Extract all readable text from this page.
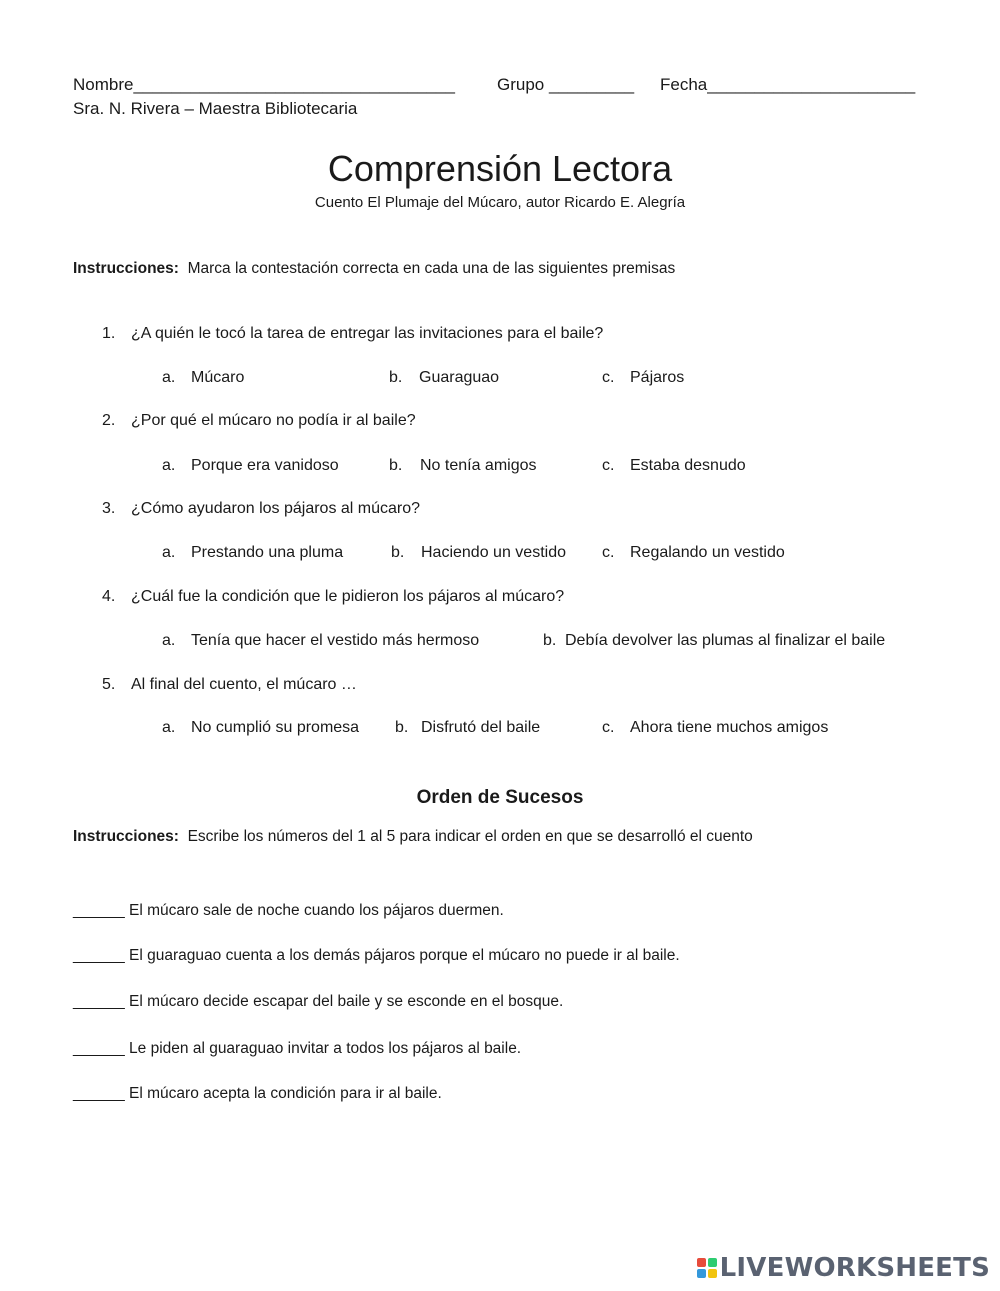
Nombre__________________________________ Grupo _________ Fecha______________________
Sra. N. Rivera – Maestra Bibliotecaria
Comprensión Lectora
Cuento El Plumaje del Múcaro, autor Ricardo E. Alegría
Instrucciones: Marca la contestación correcta en cada una de las siguientes premisas
1. ¿A quién le tocó la tarea de entregar las invitaciones para el baile?
a. Múcaro	b. Guaraguao	c. Pájaros
2. ¿Por qué el múcaro no podía ir al baile?
a. Porque era vanidoso	b. No tenía amigos	c. Estaba desnudo
3. ¿Cómo ayudaron los pájaros al múcaro?
a. Prestando una pluma	b. Haciendo un vestido c. Regalando un vestido
4. ¿Cuál fue la condición que le pidieron los pájaros al múcaro?
a. Tenía que hacer el vestido más hermoso	b. Debía devolver las plumas al finalizar el baile
5. Al final del cuento, el múcaro …
a. No cumplió su promesa b. Disfrutó del baile	c. Ahora tiene muchos amigos
Orden de Sucesos
Instrucciones: Escribe los números del 1 al 5 para indicar el orden en que se desarrolló el cuento
______ El múcaro sale de noche cuando los pájaros duermen.
______ El guaraguao cuenta a los demás pájaros porque el múcaro no puede ir al baile.
______ El múcaro decide escapar del baile y se esconde en el bosque.
______ Le piden al guaraguao invitar a todos los pájaros al baile.
______ El múcaro acepta la condición para ir al baile.
LIVEWORKSHEETS
